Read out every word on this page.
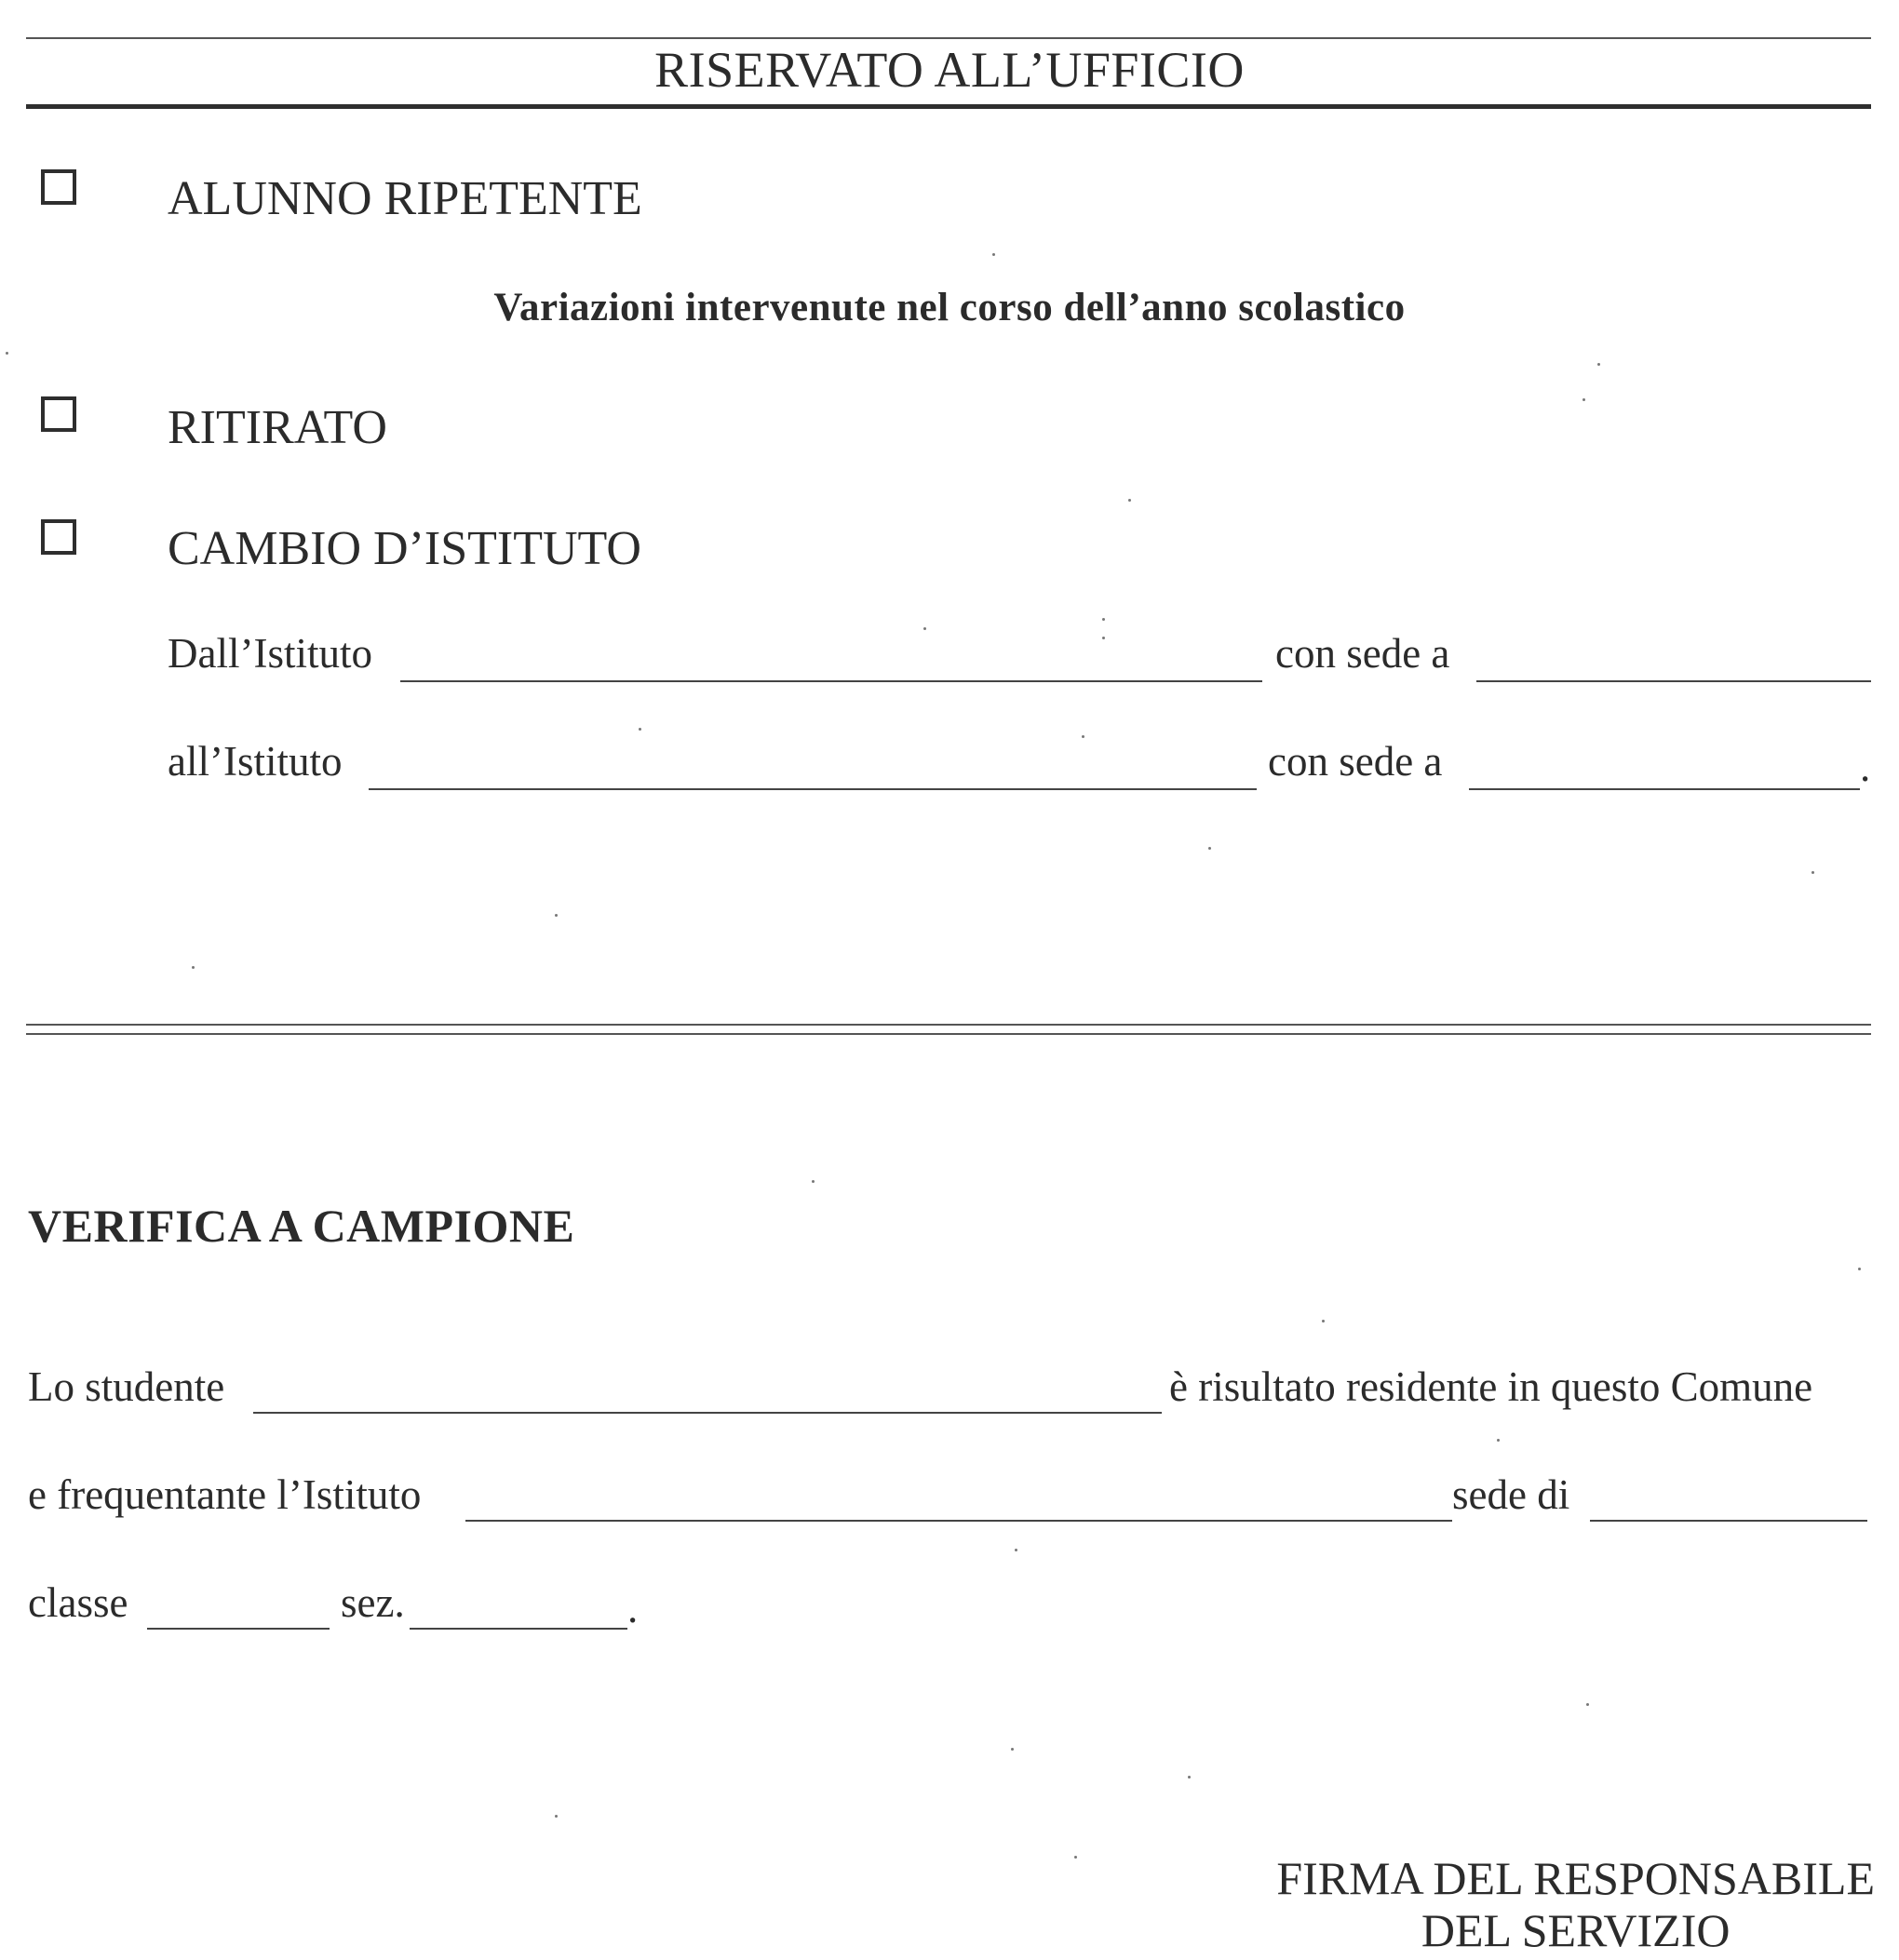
RISERVATO ALL’UFFICIO
ALUNNO RIPETENTE
Variazioni intervenute nel corso dell’anno scolastico
RITIRATO
CAMBIO D’ISTITUTO
Dall’Istituto	con sede a
all’Istituto	con sede a	.
VERIFICA A CAMPIONE
Lo studente	è risultato residente in questo Comune
e frequentante l’Istituto	sede di
classe	sez.	.
FIRMA DEL RESPONSABILE
DEL SERVIZIO
